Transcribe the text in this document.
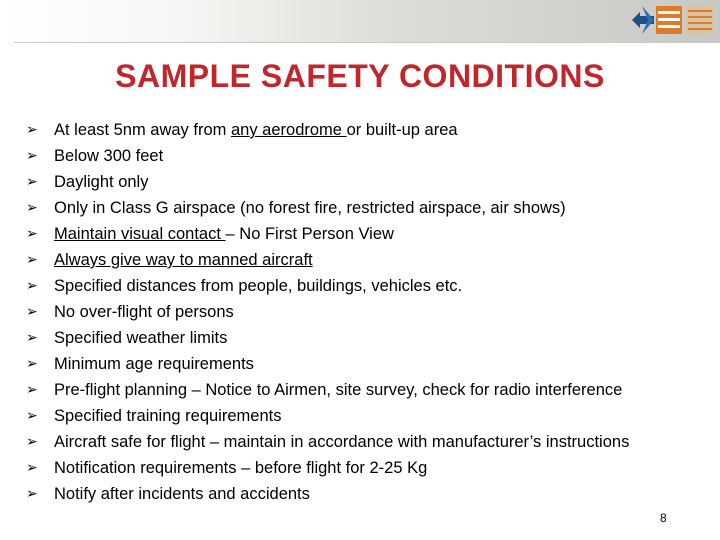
SAMPLE SAFETY CONDITIONS
➢ At least 5nm away from any aerodrome or built-up area
➢ Below 300 feet
➢ Daylight only
➢ Only in Class G airspace (no forest fire, restricted airspace, air shows)
➢ Maintain visual contact – No First Person View
➢ Always give way to manned aircraft
➢ Specified distances from people, buildings, vehicles etc.
➢ No over-flight of persons
➢ Specified weather limits
➢ Minimum age requirements
➢ Pre-flight planning – Notice to Airmen, site survey, check for radio interference
➢ Specified training requirements
➢ Aircraft safe for flight – maintain in accordance with manufacturer’s instructions
➢ Notification requirements – before flight for 2-25 Kg
➢ Notify after incidents and accidents
8
